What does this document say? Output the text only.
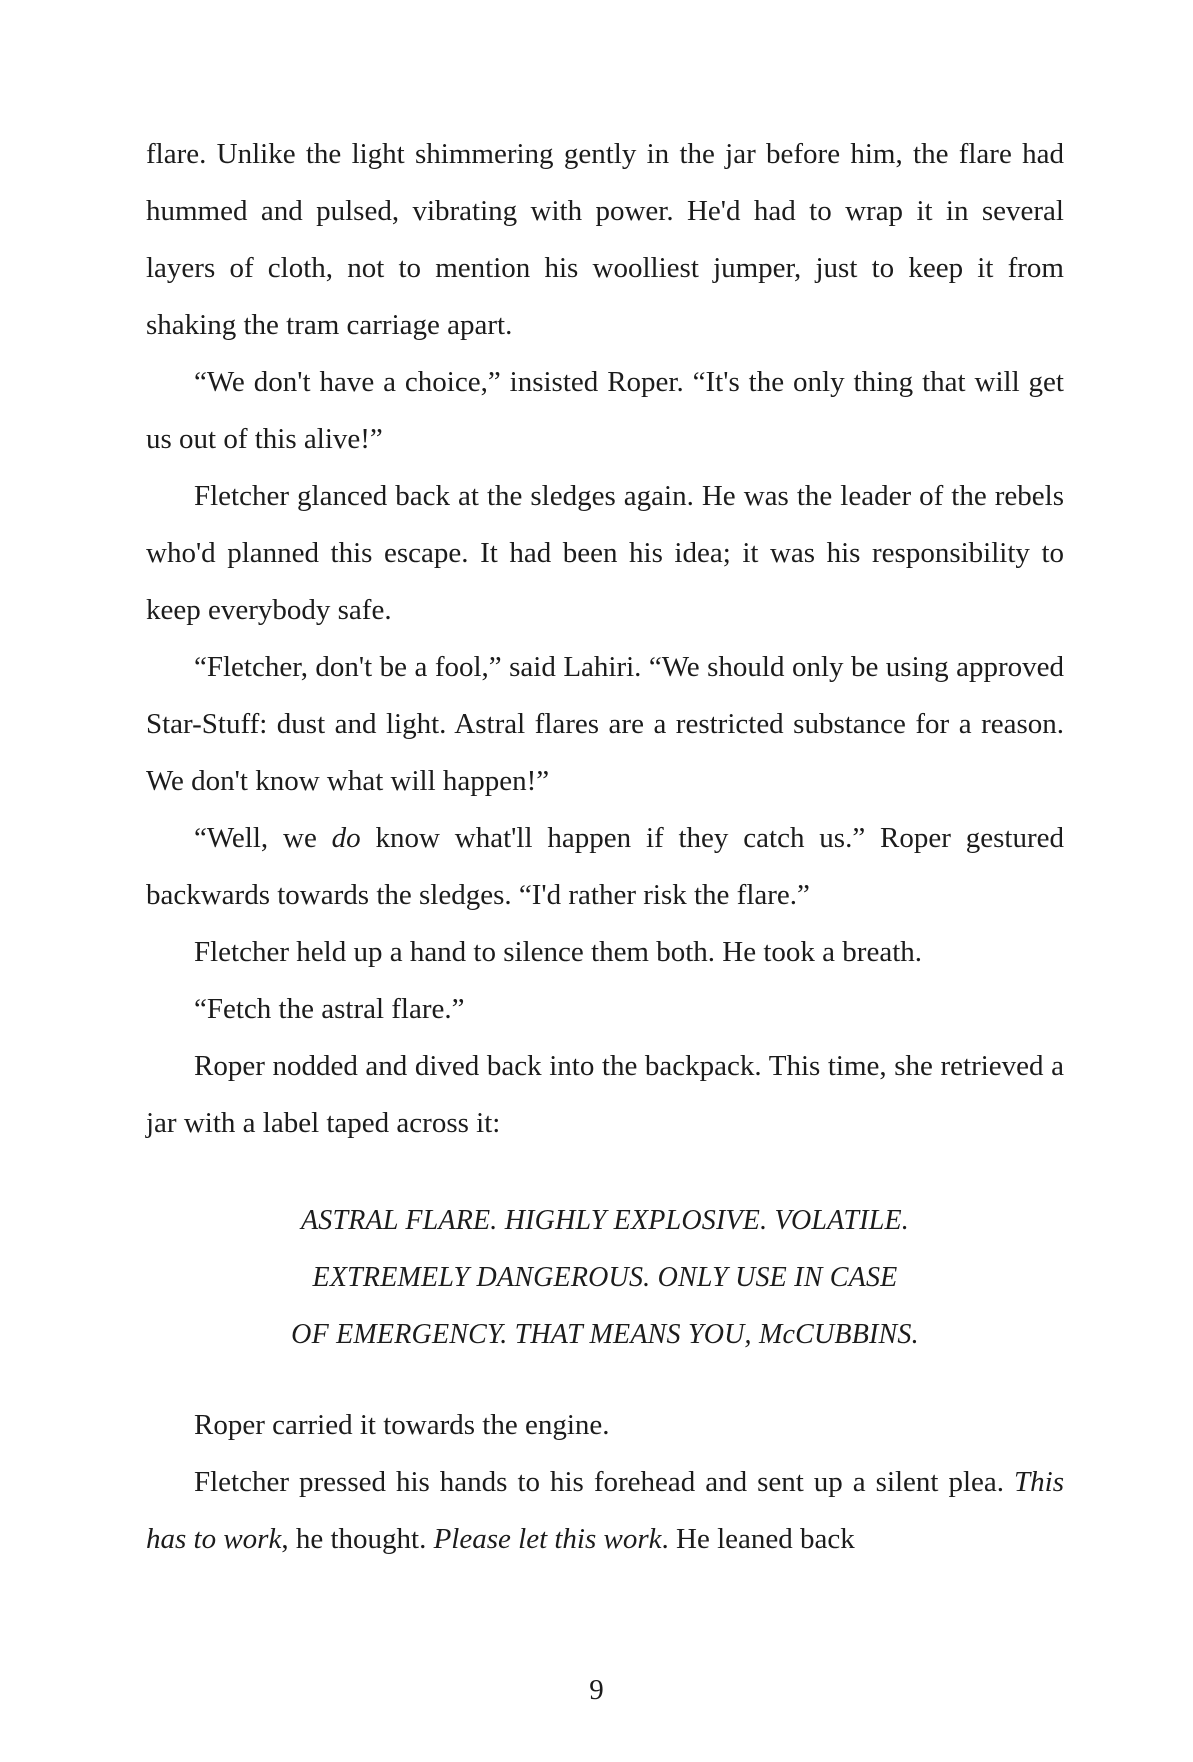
flare. Unlike the light shimmering gently in the jar before him, the flare had hummed and pulsed, vibrating with power. He'd had to wrap it in several layers of cloth, not to mention his woolliest jumper, just to keep it from shaking the tram carriage apart.

“We don't have a choice,” insisted Roper. “It's the only thing that will get us out of this alive!”

Fletcher glanced back at the sledges again. He was the leader of the rebels who'd planned this escape. It had been his idea; it was his responsibility to keep everybody safe.

“Fletcher, don't be a fool,” said Lahiri. “We should only be using approved Star-Stuff: dust and light. Astral flares are a restricted substance for a reason. We don't know what will happen!”

“Well, we do know what'll happen if they catch us.” Roper gestured backwards towards the sledges. “I'd rather risk the flare.”

Fletcher held up a hand to silence them both. He took a breath.

“Fetch the astral flare.”

Roper nodded and dived back into the backpack. This time, she retrieved a jar with a label taped across it:

ASTRAL FLARE. HIGHLY EXPLOSIVE. VOLATILE.
EXTREMELY DANGEROUS. ONLY USE IN CASE
OF EMERGENCY. THAT MEANS YOU, McCUBBINS.

Roper carried it towards the engine.

Fletcher pressed his hands to his forehead and sent up a silent plea. This has to work, he thought. Please let this work. He leaned back

9
